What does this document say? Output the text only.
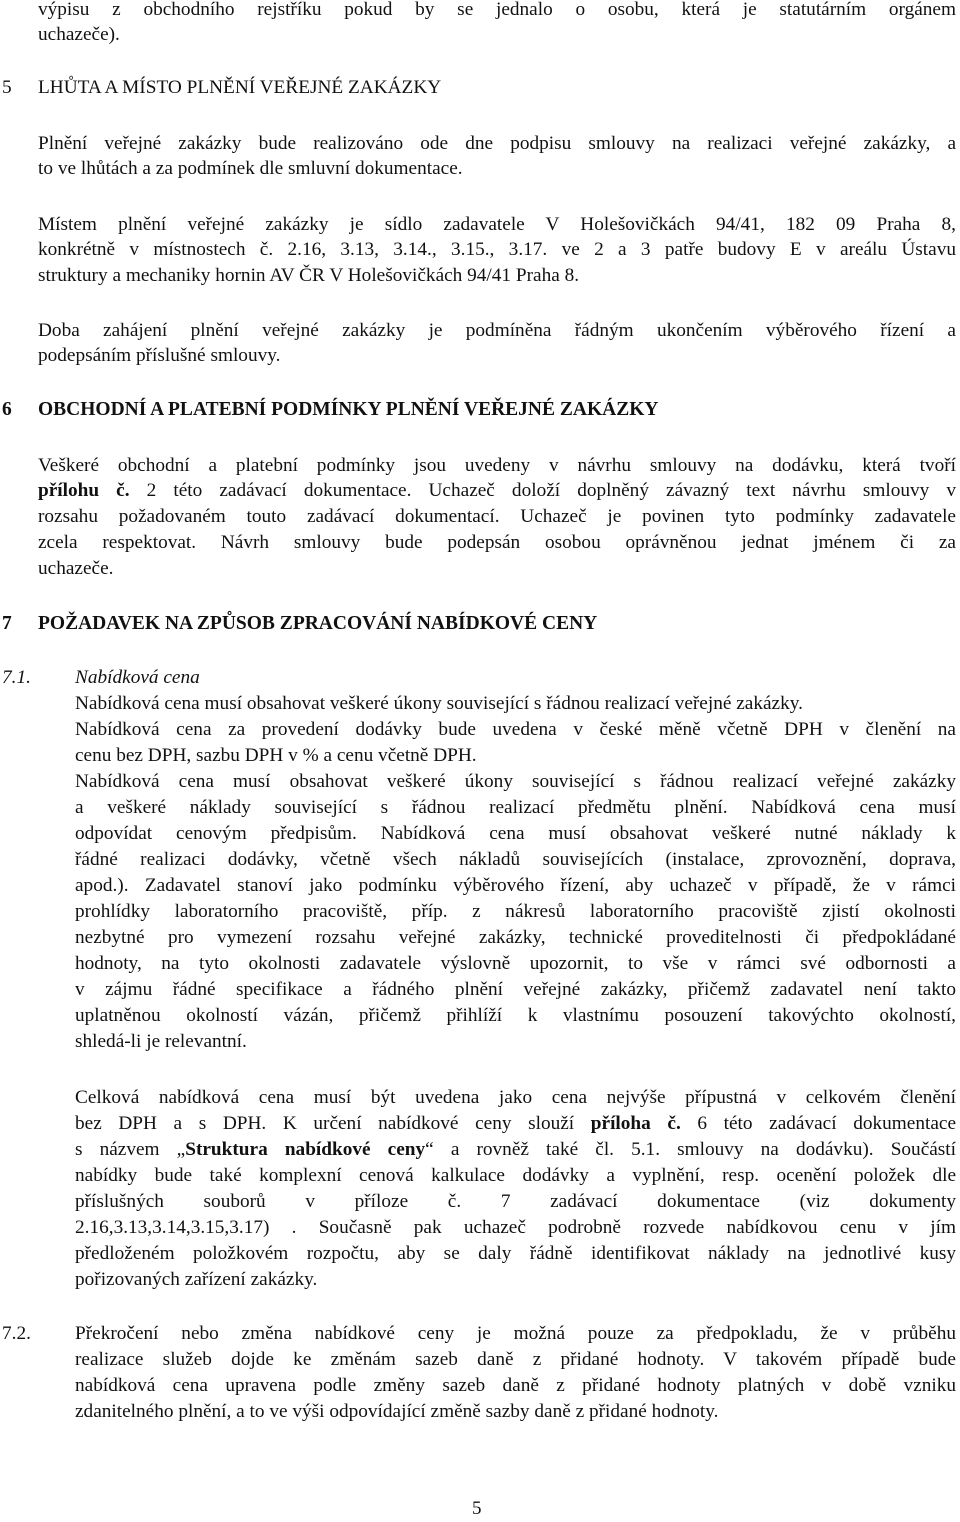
výpisu z obchodního rejstříku pokud by se jednalo o osobu, která je statutárním orgánem
uchazeče).
5 LHŮTA A MÍSTO PLNĚNÍ VEŘEJNÉ ZAKÁZKY
Plnění veřejné zakázky bude realizováno ode dne podpisu smlouvy na realizaci veřejné zakázky, a
to ve lhůtách a za podmínek dle smluvní dokumentace.
Místem plnění veřejné zakázky je sídlo zadavatele V Holešovičkách 94/41, 182 09 Praha 8,
konkrétně v místnostech č. 2.16, 3.13, 3.14., 3.15., 3.17. ve 2 a 3 patře budovy E v areálu Ústavu
struktury a mechaniky hornin AV ČR V Holešovičkách 94/41 Praha 8.
Doba zahájení plnění veřejné zakázky je podmíněna řádným ukončením výběrového řízení a
podepsáním příslušné smlouvy.
6 OBCHODNÍ A PLATEBNÍ PODMÍNKY PLNĚNÍ VEŘEJNÉ ZAKÁZKY
Veškeré obchodní a platební podmínky jsou uvedeny v návrhu smlouvy na dodávku, která tvoří
přílohu č. 2 této zadávací dokumentace. Uchazeč doloží doplněný závazný text návrhu smlouvy v
rozsahu požadovaném touto zadávací dokumentací. Uchazeč je povinen tyto podmínky zadavatele
zcela respektovat. Návrh smlouvy bude podepsán osobou oprávněnou jednat jménem či za
uchazeče.
7 POŽADAVEK NA ZPŮSOB ZPRACOVÁNÍ NABÍDKOVÉ CENY
7.1. Nabídková cena
Nabídková cena musí obsahovat veškeré úkony související s řádnou realizací veřejné zakázky.
Nabídková cena za provedení dodávky bude uvedena v české měně včetně DPH v členění na
cenu bez DPH, sazbu DPH v % a cenu včetně DPH.
Nabídková cena musí obsahovat veškeré úkony související s řádnou realizací veřejné zakázky
a veškeré náklady související s řádnou realizací předmětu plnění. Nabídková cena musí
odpovídat cenovým předpisům. Nabídková cena musí obsahovat veškeré nutné náklady k
řádné realizaci dodávky, včetně všech nákladů souvisejících (instalace, zprovoznění, doprava,
apod.). Zadavatel stanoví jako podmínku výběrového řízení, aby uchazeč v případě, že v rámci
prohlídky laboratorního pracoviště, příp. z nákresů laboratorního pracoviště zjistí okolnosti
nezbytné pro vymezení rozsahu veřejné zakázky, technické proveditelnosti či předpokládané
hodnoty, na tyto okolnosti zadavatele výslovně upozornit, to vše v rámci své odbornosti a
v zájmu řádné specifikace a řádného plnění veřejné zakázky, přičemž zadavatel není takto
uplatněnou okolností vázán, přičemž přihlíží k vlastnímu posouzení takovýchto okolností,
shledá-li je relevantní.
Celková nabídková cena musí být uvedena jako cena nejvýše přípustná v celkovém členění
bez DPH a s DPH. K určení nabídkové ceny slouží příloha č. 6 této zadávací dokumentace
s názvem „Struktura nabídkové ceny“ a rovněž také čl. 5.1. smlouvy na dodávku). Součástí
nabídky bude také komplexní cenová kalkulace dodávky a vyplnění, resp. ocenění položek dle
příslušných souborů v příloze č. 7 zadávací dokumentace (viz dokumenty
2.16,3.13,3.14,3.15,3.17) . Současně pak uchazeč podrobně rozvede nabídkovou cenu v jím
předloženém položkovém rozpočtu, aby se daly řádně identifikovat náklady na jednotlivé kusy
pořizovaných zařízení zakázky.
7.2. Překročení nebo změna nabídkové ceny je možná pouze za předpokladu, že v průběhu
realizace služeb dojde ke změnám sazeb daně z přidané hodnoty. V takovém případě bude
nabídková cena upravena podle změny sazeb daně z přidané hodnoty platných v době vzniku
zdanitelného plnění, a to ve výši odpovídající změně sazby daně z přidané hodnoty.
5
